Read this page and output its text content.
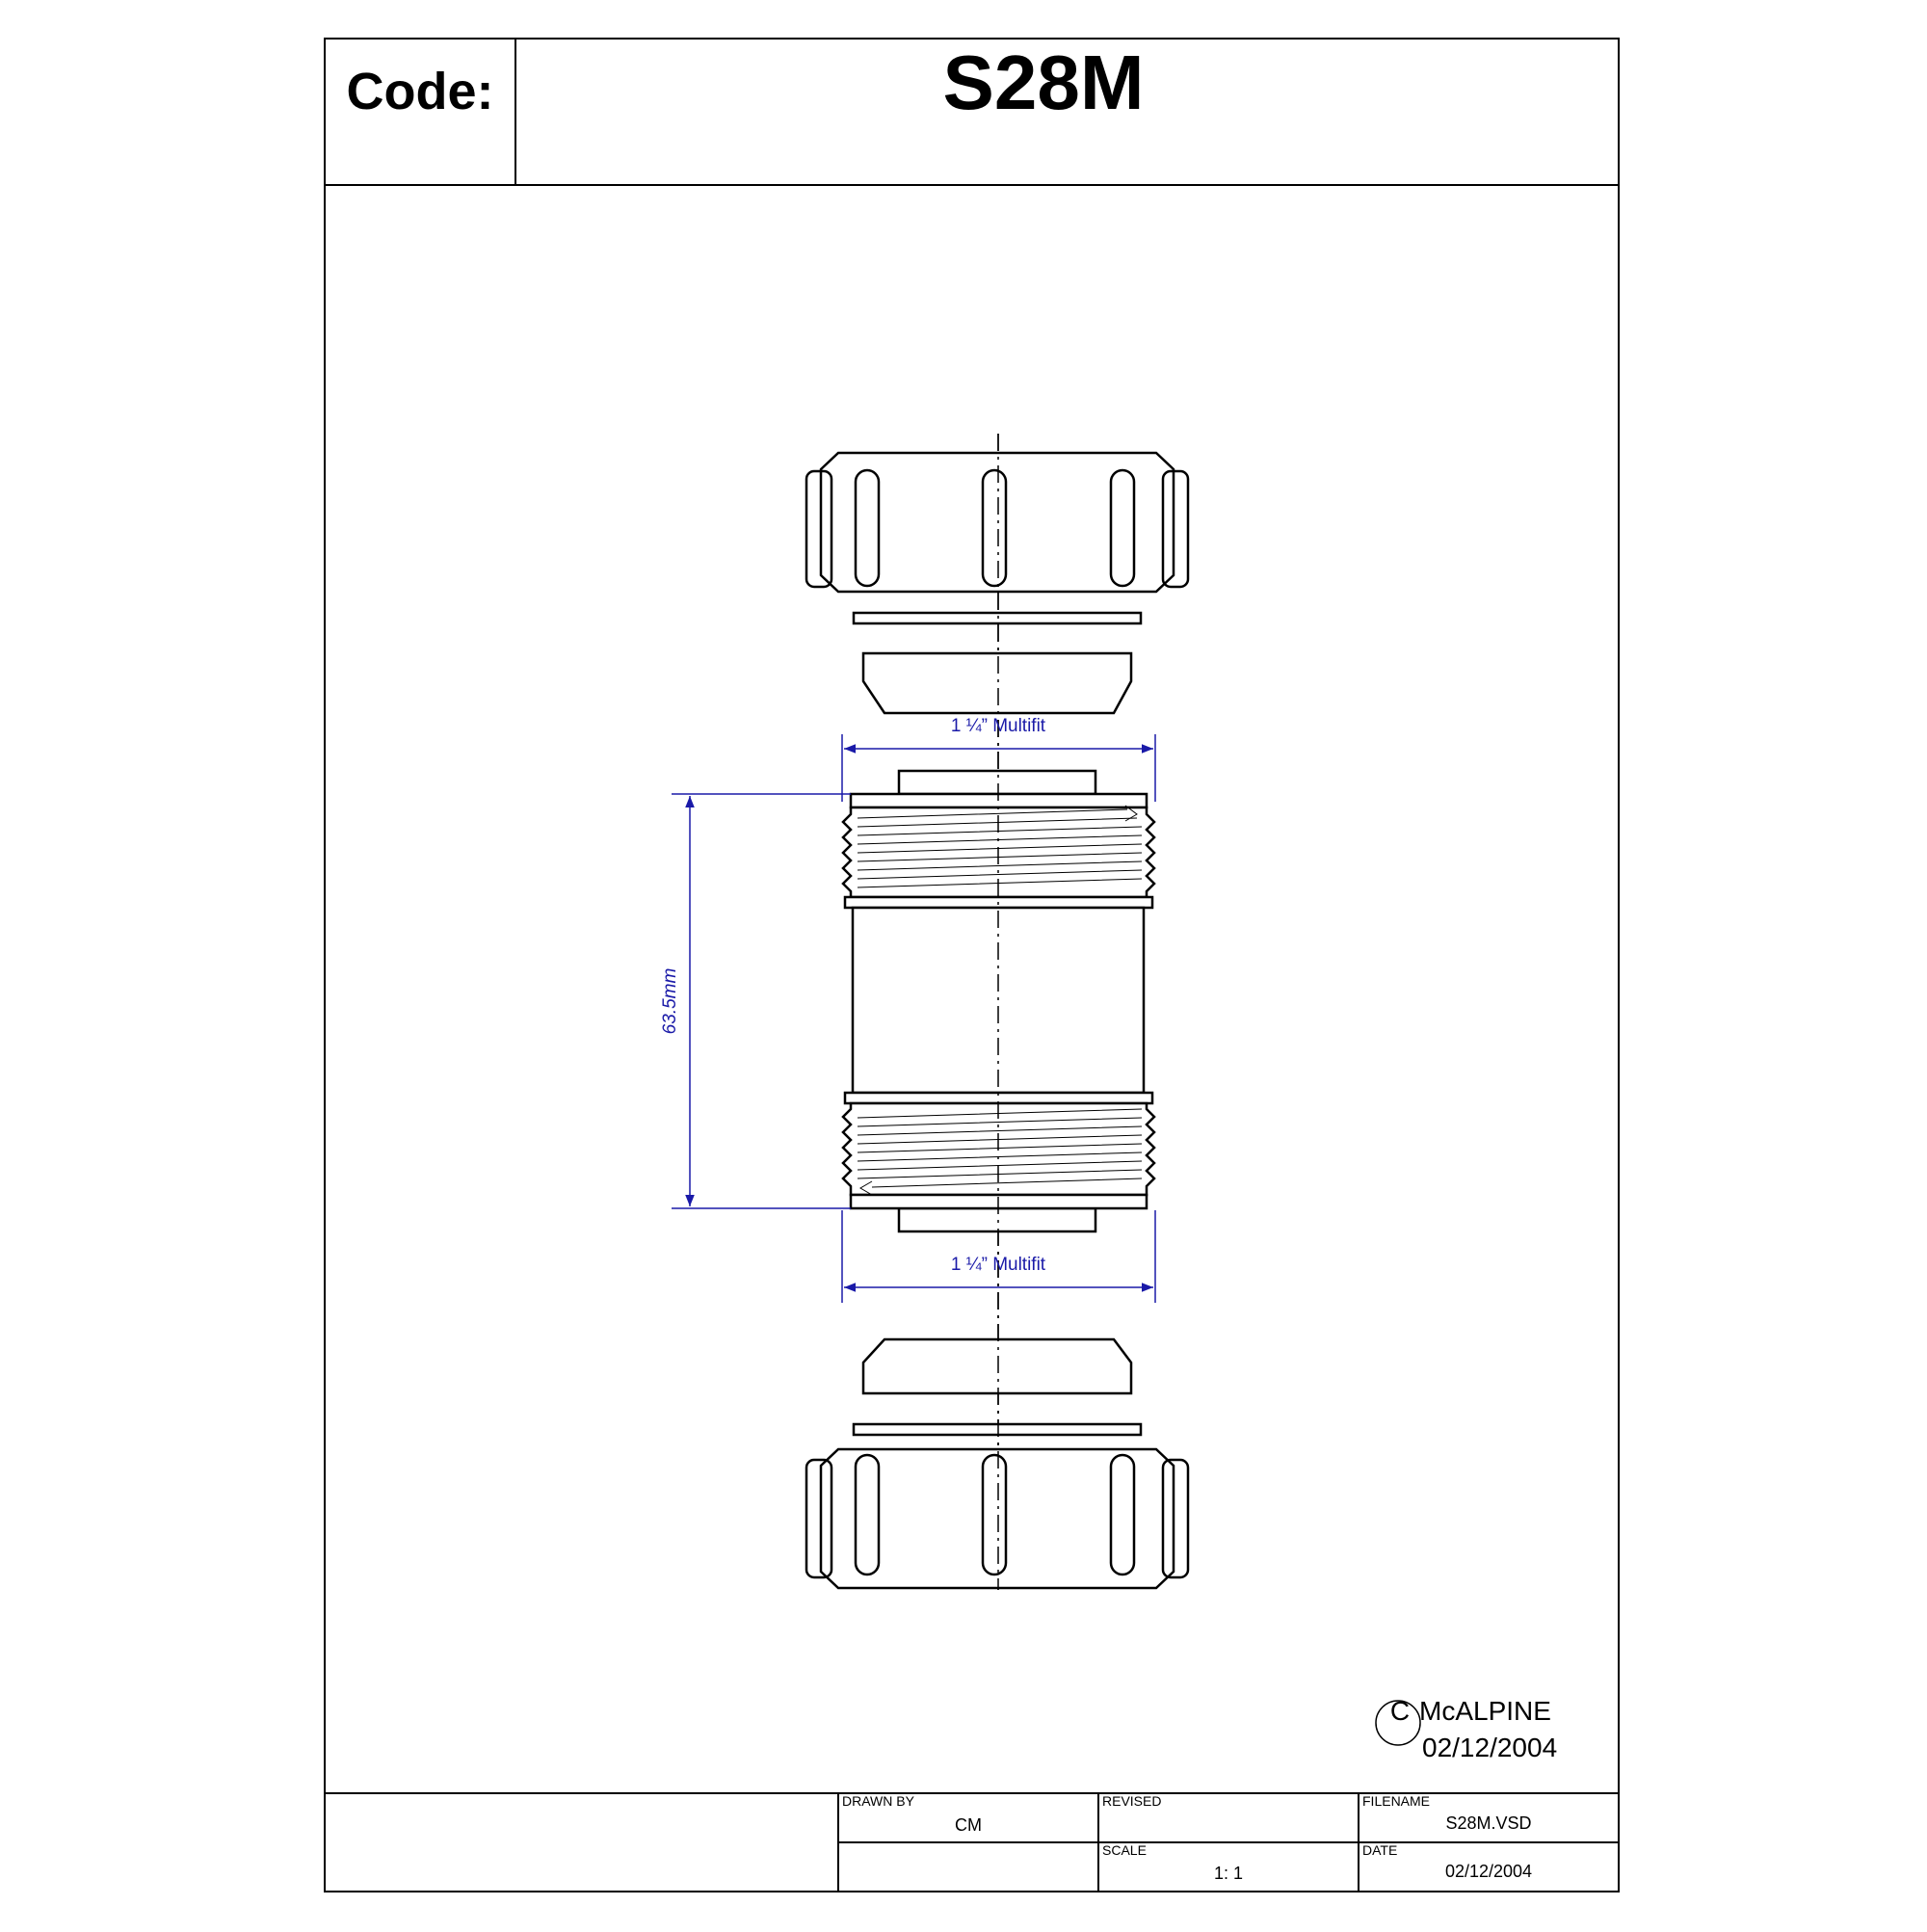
Code:	S28M
1 ¼” Multifit
1 ¼” Multifit
63.5mm
C McALPINE
02/12/2004
DRAWN BY
CM
REVISED	FILENAME
S28M.VSD
SCALE
1: 1
DATE
02/12/2004
